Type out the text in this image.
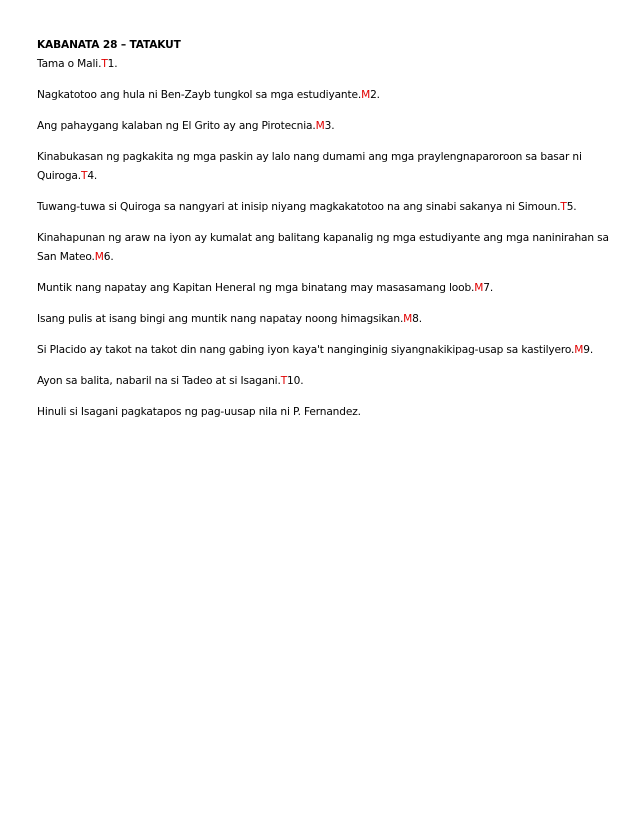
KABANATA 28 – TATAKUT

Tama o Mali.T1.

Nagkatotoo ang hula ni Ben-Zayb tungkol sa mga estudiyante.M2.

Ang pahaygang kalaban ng El Grito ay ang Pirotecnia.M3.

Kinabukasan ng pagkakita ng mga paskin ay lalo nang dumami ang mga praylengnaparoroon sa basar ni Quiroga.T4.

Tuwang-tuwa si Quiroga sa nangyari at inisip niyang magkakatotoo na ang sinabi sakanya ni Simoun.T5.

Kinahapunan ng araw na iyon ay kumalat ang balitang kapanalig ng mga estudiyante ang mga naninirahan sa San Mateo.M6.

Muntik nang napatay ang Kapitan Heneral ng mga binatang may masasamang loob.M7.

Isang pulis at isang bingi ang muntik nang napatay noong himagsikan.M8.

Si Placido ay takot na takot din nang gabing iyon kaya't nanginginig siyangnakikipag-usap sa kastilyero.M9.

Ayon sa balita, nabaril na si Tadeo at si Isagani.T10.

Hinuli si Isagani pagkatapos ng pag-uusap nila ni P. Fernandez.
